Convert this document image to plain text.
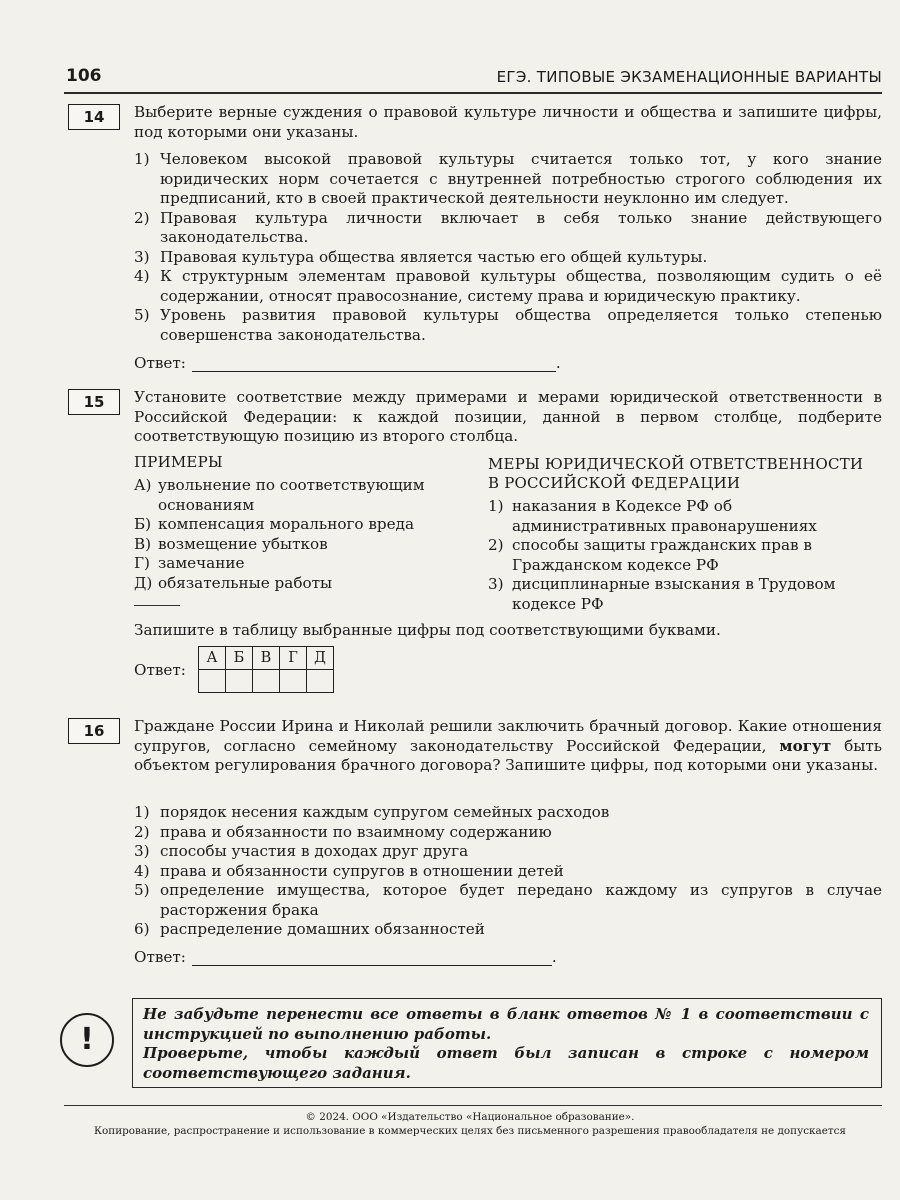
106	ЕГЭ. ТИПОВЫЕ ЭКЗАМЕНАЦИОННЫЕ ВАРИАНТЫ
14	Выберите верные суждения о правовой культуре личности и общества и запишите цифры, под которыми они указаны.
1) Человеком высокой правовой культуры считается только тот, у кого знание юридических норм сочетается с внутренней потребностью строгого соблюдения их предписаний, кто в своей практической деятельности неуклонно им следует.
2) Правовая культура личности включает в себя только знание действующего законодательства.
3) Правовая культура общества является частью его общей культуры.
4) К структурным элементам правовой культуры общества, позволяющим судить о её содержании, относят правосознание, систему права и юридическую практику.
5) Уровень развития правовой культуры общества определяется только степенью совершенства законодательства.
Ответ:	.
15	Установите соответствие между примерами и мерами юридической ответственности в Российской Федерации: к каждой позиции, данной в первом столбце, подберите соответствующую позицию из второго столбца.
ПРИМЕРЫ
А) увольнение по соответствующим основаниям
Б) компенсация морального вреда
В) возмещение убытков
Г) замечание
Д) обязательные работы
МЕРЫ ЮРИДИЧЕСКОЙ ОТВЕТСТВЕННОСТИ
В РОССИЙСКОЙ ФЕДЕРАЦИИ
1) наказания в Кодексе РФ об административных правонарушениях
2) способы защиты гражданских прав в Гражданском кодексе РФ
3) дисциплинарные взыскания в Трудовом кодексе РФ
Запишите в таблицу выбранные цифры под соответствующими буквами.
Ответ:
А	Б	В	Г	Д

16	Граждане России Ирина и Николай решили заключить брачный договор. Какие отношения супругов, согласно семейному законодательству Российской Федерации, могут быть объектом регулирования брачного договора? Запишите цифры, под которыми они указаны.
1) порядок несения каждым супругом семейных расходов
2) права и обязанности по взаимному содержанию
3) способы участия в доходах друг друга
4) права и обязанности супругов в отношении детей
5) определение имущества, которое будет передано каждому из супругов в случае расторжения брака
6) распределение домашних обязанностей
Ответ:	.
!
Не забудьте перенести все ответы в бланк ответов № 1 в соответствии с инструкцией по выполнению работы.
Проверьте, чтобы каждый ответ был записан в строке с номером соответствующего задания.
© 2024. ООО «Издательство «Национальное образование».
Копирование, распространение и использование в коммерческих целях без письменного разрешения правообладателя не допускается
